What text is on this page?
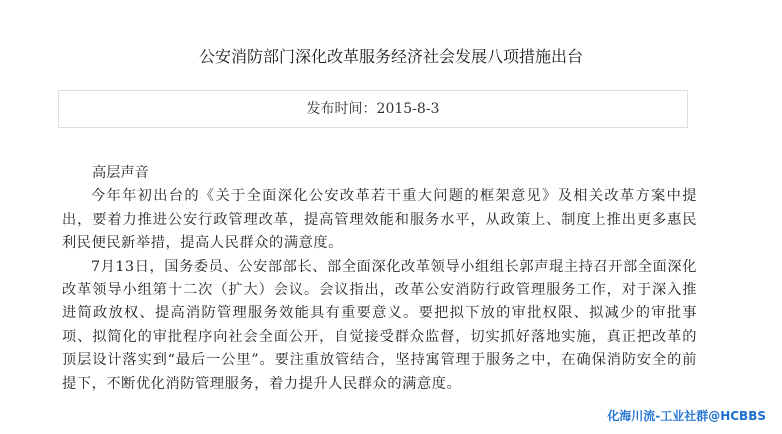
公安消防部门深化改革服务经济社会发展八项措施出台
发布时间：2015-8-3
高层声音

今年年初出台的《关于全面深化公安改革若干重大问题的框架意见》及相关改革方案中提出，要着力推进公安行政管理改革，提高管理效能和服务水平，从政策上、制度上推出更多惠民利民便民新举措，提高人民群众的满意度。

7月13日，国务委员、公安部部长、部全面深化改革领导小组组长郭声琨主持召开部全面深化改革领导小组第十二次（扩大）会议。会议指出，改革公安消防行政管理服务工作，对于深入推进简政放权、提高消防管理服务效能具有重要意义。要把拟下放的审批权限、拟减少的审批事项、拟简化的审批程序向社会全面公开，自觉接受群众监督，切实抓好落地实施，真正把改革的顶层设计落实到“最后一公里”。要注重放管结合，坚持寓管理于服务之中，在确保消防安全的前提下，不断优化消防管理服务，着力提升人民群众的满意度。

化海川流-工业社群@HCBBS
